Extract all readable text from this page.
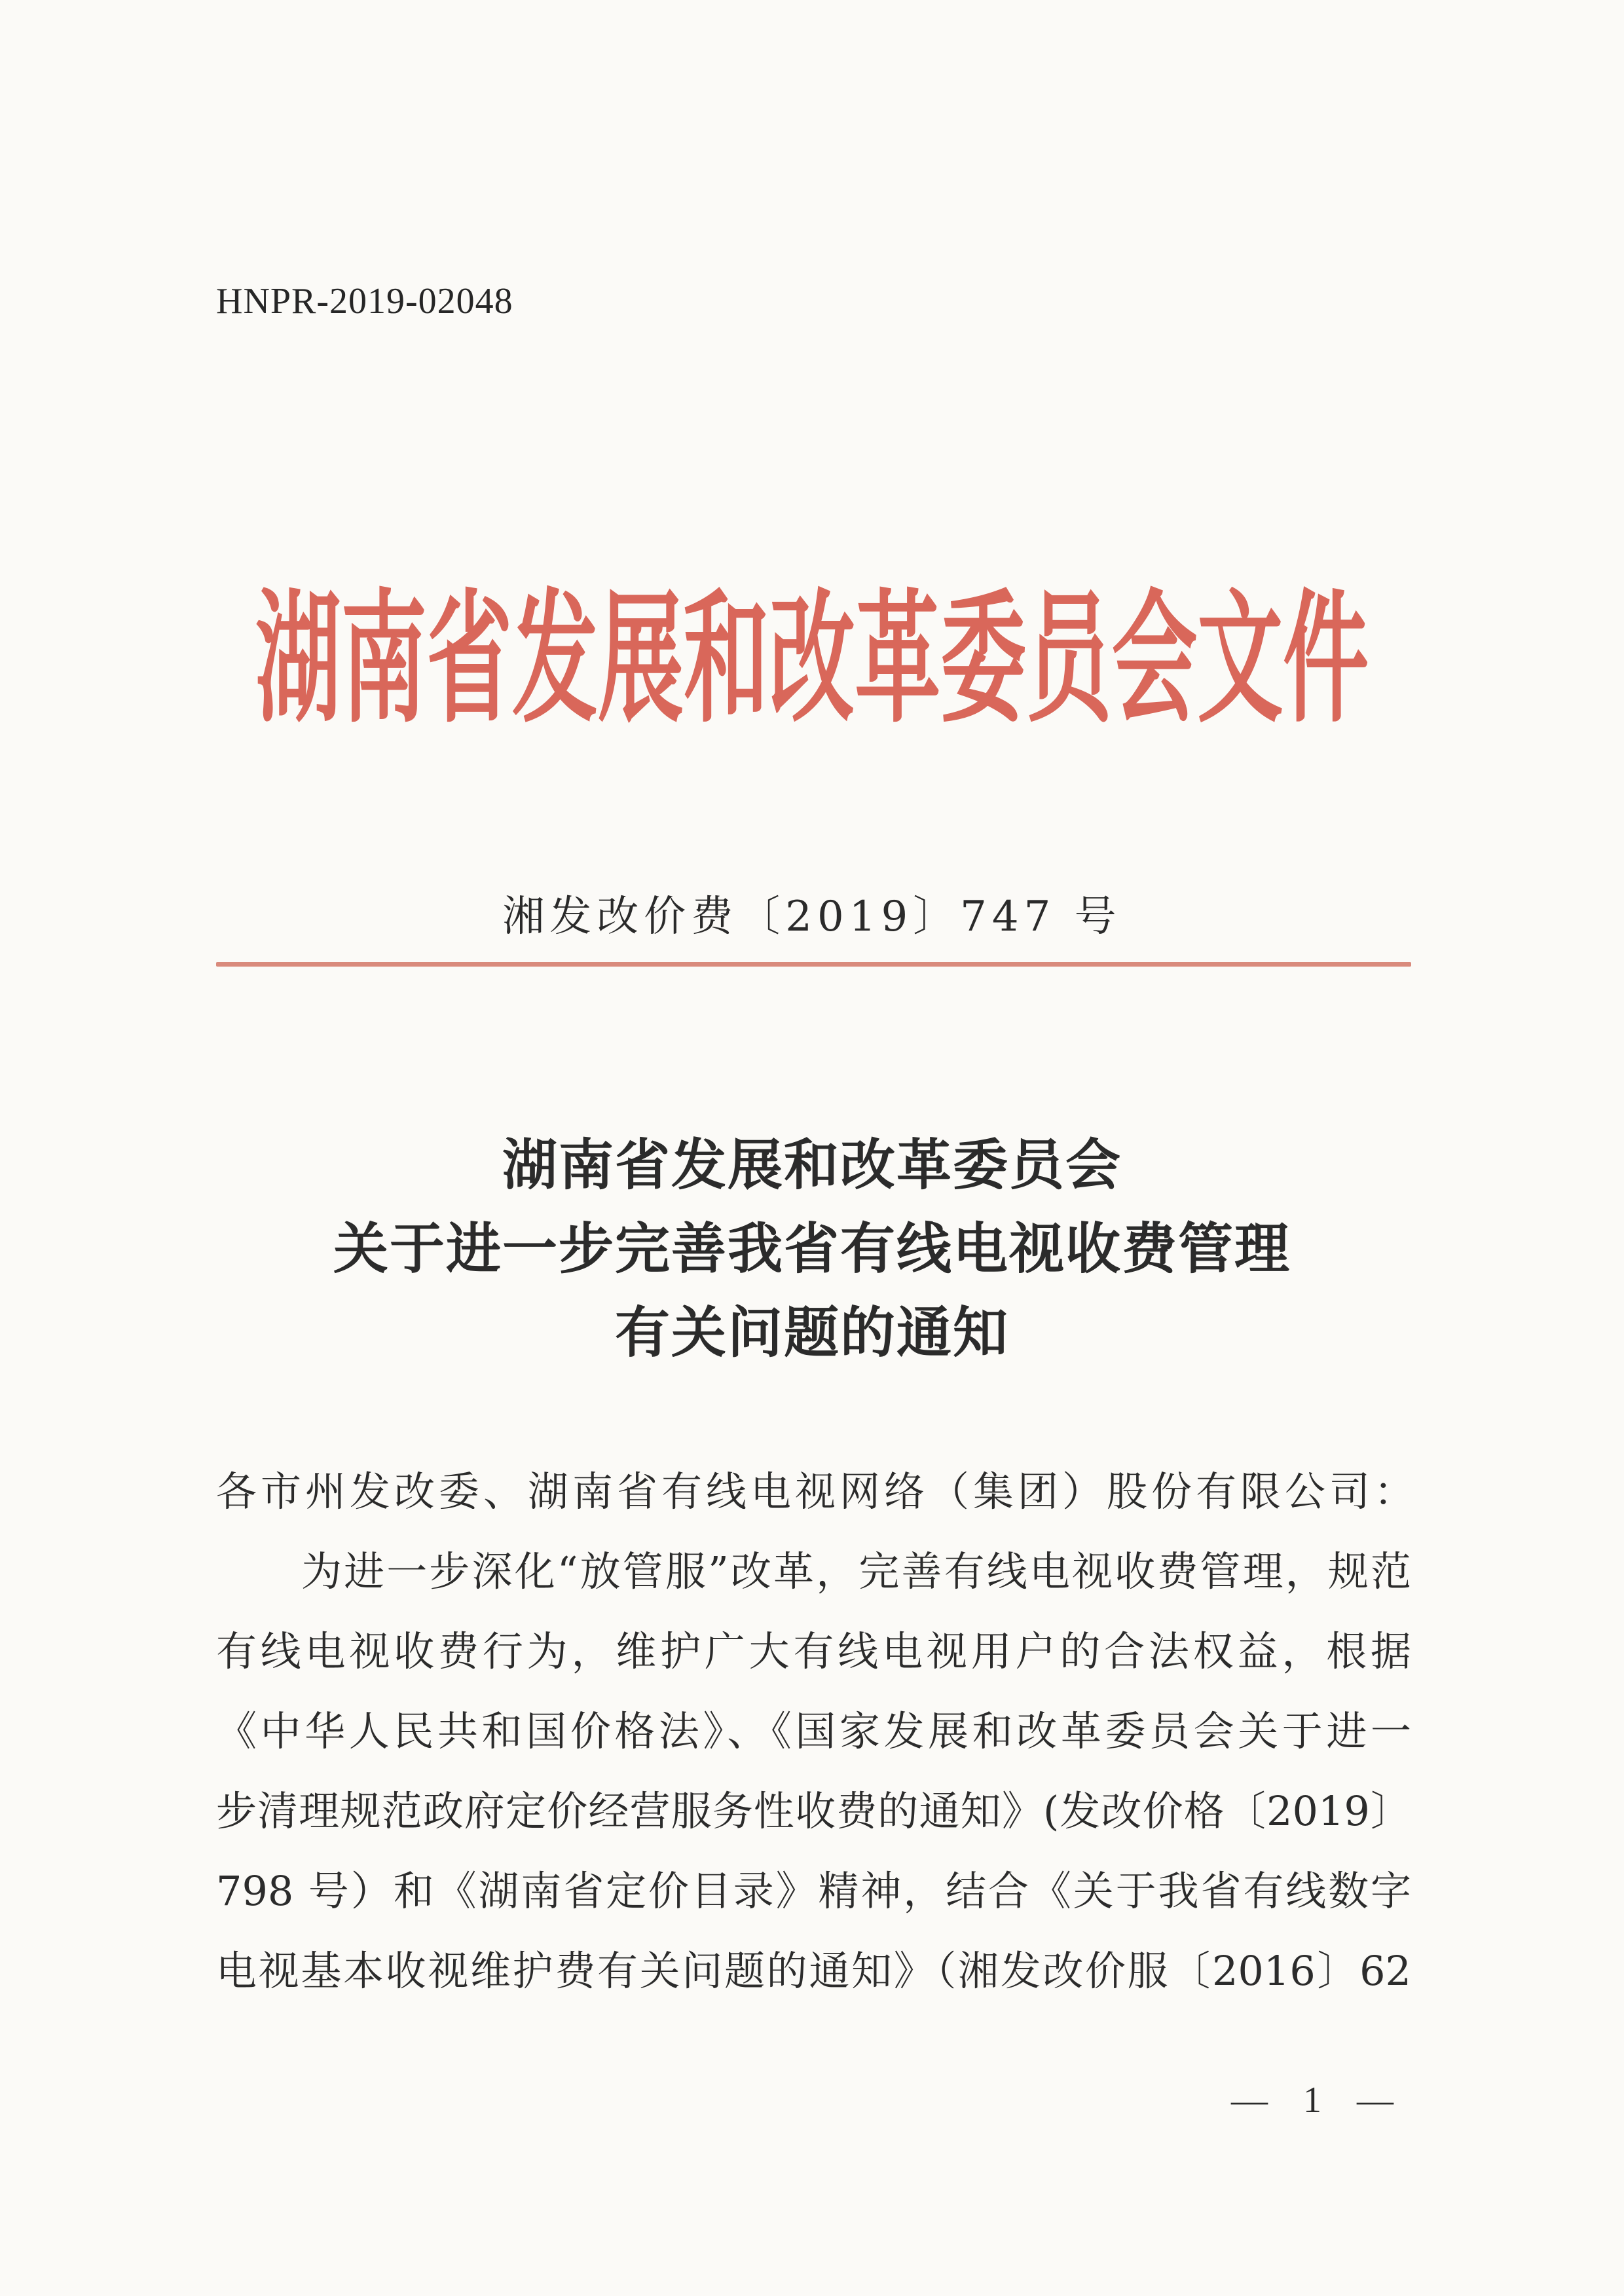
HNPR-2019-02048
湖南省发展和改革委员会文件
湘发改价费〔2019〕747 号
湖南省发展和改革委员会
关于进一步完善我省有线电视收费管理
有关问题的通知
各市州发改委、湖南省有线电视网络（集团）股份有限公司：
为进一步深化“放管服”改革，完善有线电视收费管理，规范
有线电视收费行为，维护广大有线电视用户的合法权益，根据
《中华人民共和国价格法》、《国家发展和改革委员会关于进一
步清理规范政府定价经营服务性收费的通知》(发改价格〔2019〕
798 号）和《湖南省定价目录》精神，结合《关于我省有线数字
电视基本收视维护费有关问题的通知》（湘发改价服〔2016〕62
— 1 —
